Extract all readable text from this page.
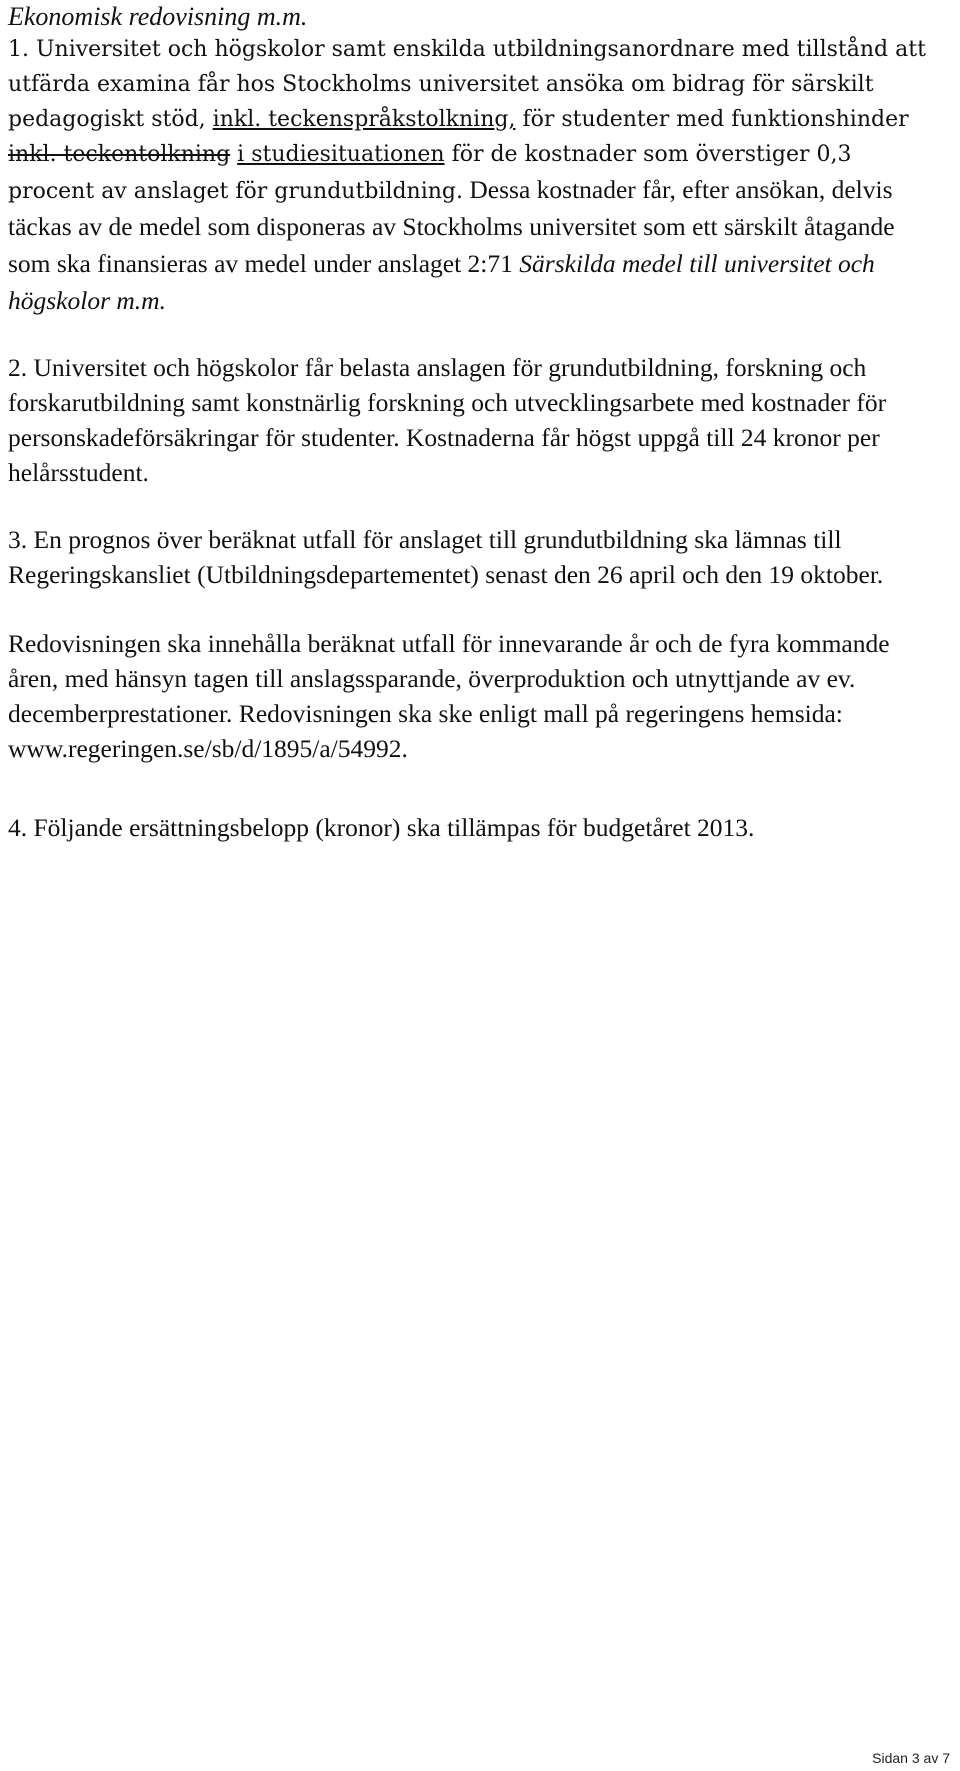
Ekonomisk redovisning m.m.

1. Universitet och högskolor samt enskilda utbildningsanordnare med tillstånd att utfärda examina får hos Stockholms universitet ansöka om bidrag för särskilt pedagogiskt stöd, inkl. teckenspråkstolkning, för studenter med funktionshinder inkl. teckentolkning i studiesituationen för de kostnader som överstiger 0,3 procent av anslaget för grundutbildning. Dessa kostnader får, efter ansökan, delvis täckas av de medel som disponeras av Stockholms universitet som ett särskilt åtagande som ska finansieras av medel under anslaget 2:71 Särskilda medel till universitet och högskolor m.m.

2. Universitet och högskolor får belasta anslagen för grundutbildning, forskning och forskarutbildning samt konstnärlig forskning och utvecklingsarbete med kostnader för personskadeförsäkringar för studenter. Kostnaderna får högst uppgå till 24 kronor per helårsstudent.

3. En prognos över beräknat utfall för anslaget till grundutbildning ska lämnas till Regeringskansliet (Utbildningsdepartementet) senast den 26 april och den 19 oktober.

Redovisningen ska innehålla beräknat utfall för innevarande år och de fyra kommande åren, med hänsyn tagen till anslagssparande, överproduktion och utnyttjande av ev. decemberprestationer. Redovisningen ska ske enligt mall på regeringens hemsida: www.regeringen.se/sb/d/1895/a/54992.

4. Följande ersättningsbelopp (kronor) ska tillämpas för budgetåret 2013.

Sidan 3 av 7
